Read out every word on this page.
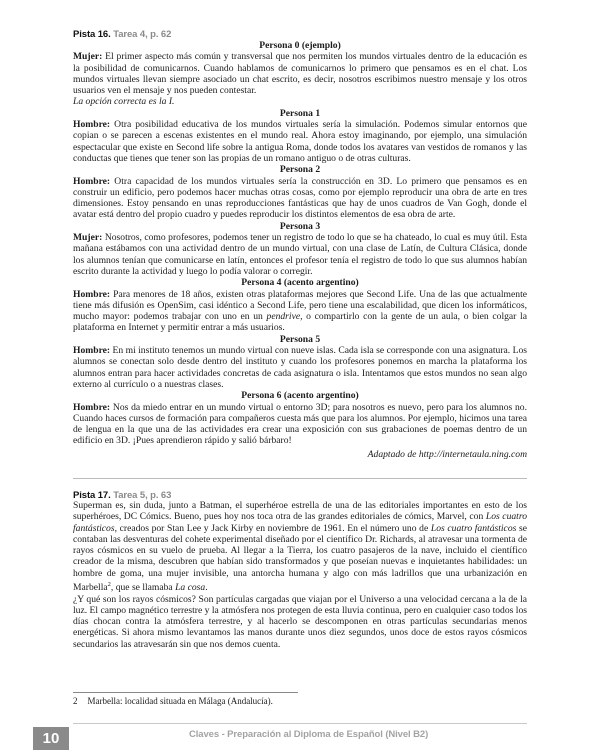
Pista 16. Tarea 4, p. 62

Persona 0 (ejemplo)

Mujer: El primer aspecto más común y transversal que nos permiten los mundos virtuales dentro de la educación es la posibilidad de comunicarnos. Cuando hablamos de comunicarnos lo primero que pensamos es en el chat. Los mundos virtuales llevan siempre asociado un chat escrito, es decir, nosotros escribimos nuestro mensaje y los otros usuarios ven el mensaje y nos pueden contestar.
La opción correcta es la I.

Persona 1

Hombre: Otra posibilidad educativa de los mundos virtuales sería la simulación. Podemos simular entornos que copian o se parecen a escenas existentes en el mundo real. Ahora estoy imaginando, por ejemplo, una simulación espectacular que existe en Second life sobre la antigua Roma, donde todos los avatares van vestidos de romanos y las conductas que tienes que tener son las propias de un romano antiguo o de otras culturas.

Persona 2

Hombre: Otra capacidad de los mundos virtuales sería la construcción en 3D. Lo primero que pensamos es en construir un edificio, pero podemos hacer muchas otras cosas, como por ejemplo reproducir una obra de arte en tres dimensiones. Estoy pensando en unas reproducciones fantásticas que hay de unos cuadros de Van Gogh, donde el avatar está dentro del propio cuadro y puedes reproducir los distintos elementos de esa obra de arte.

Persona 3

Mujer: Nosotros, como profesores, podemos tener un registro de todo lo que se ha chateado, lo cual es muy útil. Esta mañana estábamos con una actividad dentro de un mundo virtual, con una clase de Latín, de Cultura Clásica, donde los alumnos tenían que comunicarse en latín, entonces el profesor tenía el registro de todo lo que sus alumnos habían escrito durante la actividad y luego lo podía valorar o corregir.

Persona 4 (acento argentino)

Hombre: Para menores de 18 años, existen otras plataformas mejores que Second Life. Una de las que actualmente tiene más difusión es OpenSim, casi idéntico a Second Life, pero tiene una escalabilidad, que dicen los informáticos, mucho mayor: podemos trabajar con uno en un pendrive, o compartirlo con la gente de un aula, o bien colgar la plataforma en Internet y permitir entrar a más usuarios.

Persona 5

Hombre: En mi instituto tenemos un mundo virtual con nueve islas. Cada isla se corresponde con una asignatura. Los alumnos se conectan solo desde dentro del instituto y cuando los profesores ponemos en marcha la plataforma los alumnos entran para hacer actividades concretas de cada asignatura o isla. Intentamos que estos mundos no sean algo externo al currículo o a nuestras clases.

Persona 6 (acento argentino)

Hombre: Nos da miedo entrar en un mundo virtual o entorno 3D; para nosotros es nuevo, pero para los alumnos no. Cuando haces cursos de formación para compañeros cuesta más que para los alumnos. Por ejemplo, hicimos una tarea de lengua en la que una de las actividades era crear una exposición con sus grabaciones de poemas dentro de un edificio en 3D. ¡Pues aprendieron rápido y salió bárbaro!

Adaptado de http://internetaula.ning.com

Pista 17. Tarea 5, p. 63

Superman es, sin duda, junto a Batman, el superhéroe estrella de una de las editoriales importantes en esto de los superhéroes, DC Cómics. Bueno, pues hoy nos toca otra de las grandes editoriales de cómics, Marvel, con Los cuatro fantásticos, creados por Stan Lee y Jack Kirby en noviembre de 1961. En el número uno de Los cuatro fantásticos se contaban las desventuras del cohete experimental diseñado por el científico Dr. Richards, al atravesar una tormenta de rayos cósmicos en su vuelo de prueba. Al llegar a la Tierra, los cuatro pasajeros de la nave, incluido el científico creador de la misma, descubren que habían sido transformados y que poseían nuevas e inquietantes habilidades: un hombre de goma, una mujer invisible, una antorcha humana y algo con más ladrillos que una urbanización en Marbella$^2$, que se llamaba La cosa.

¿Y qué son los rayos cósmicos? Son partículas cargadas que viajan por el Universo a una velocidad cercana a la de la luz. El campo magnético terrestre y la atmósfera nos protegen de esta lluvia continua, pero en cualquier caso todos los días chocan contra la atmósfera terrestre, y al hacerlo se descomponen en otras partículas secundarias menos energéticas. Si ahora mismo levantamos las manos durante unos diez segundos, unos doce de estos rayos cósmicos secundarios las atravesarán sin que nos demos cuenta.

2 Marbella: localidad situada en Málaga (Andalucía).
10	Claves - Preparación al Diploma de Español (Nivel B2)
